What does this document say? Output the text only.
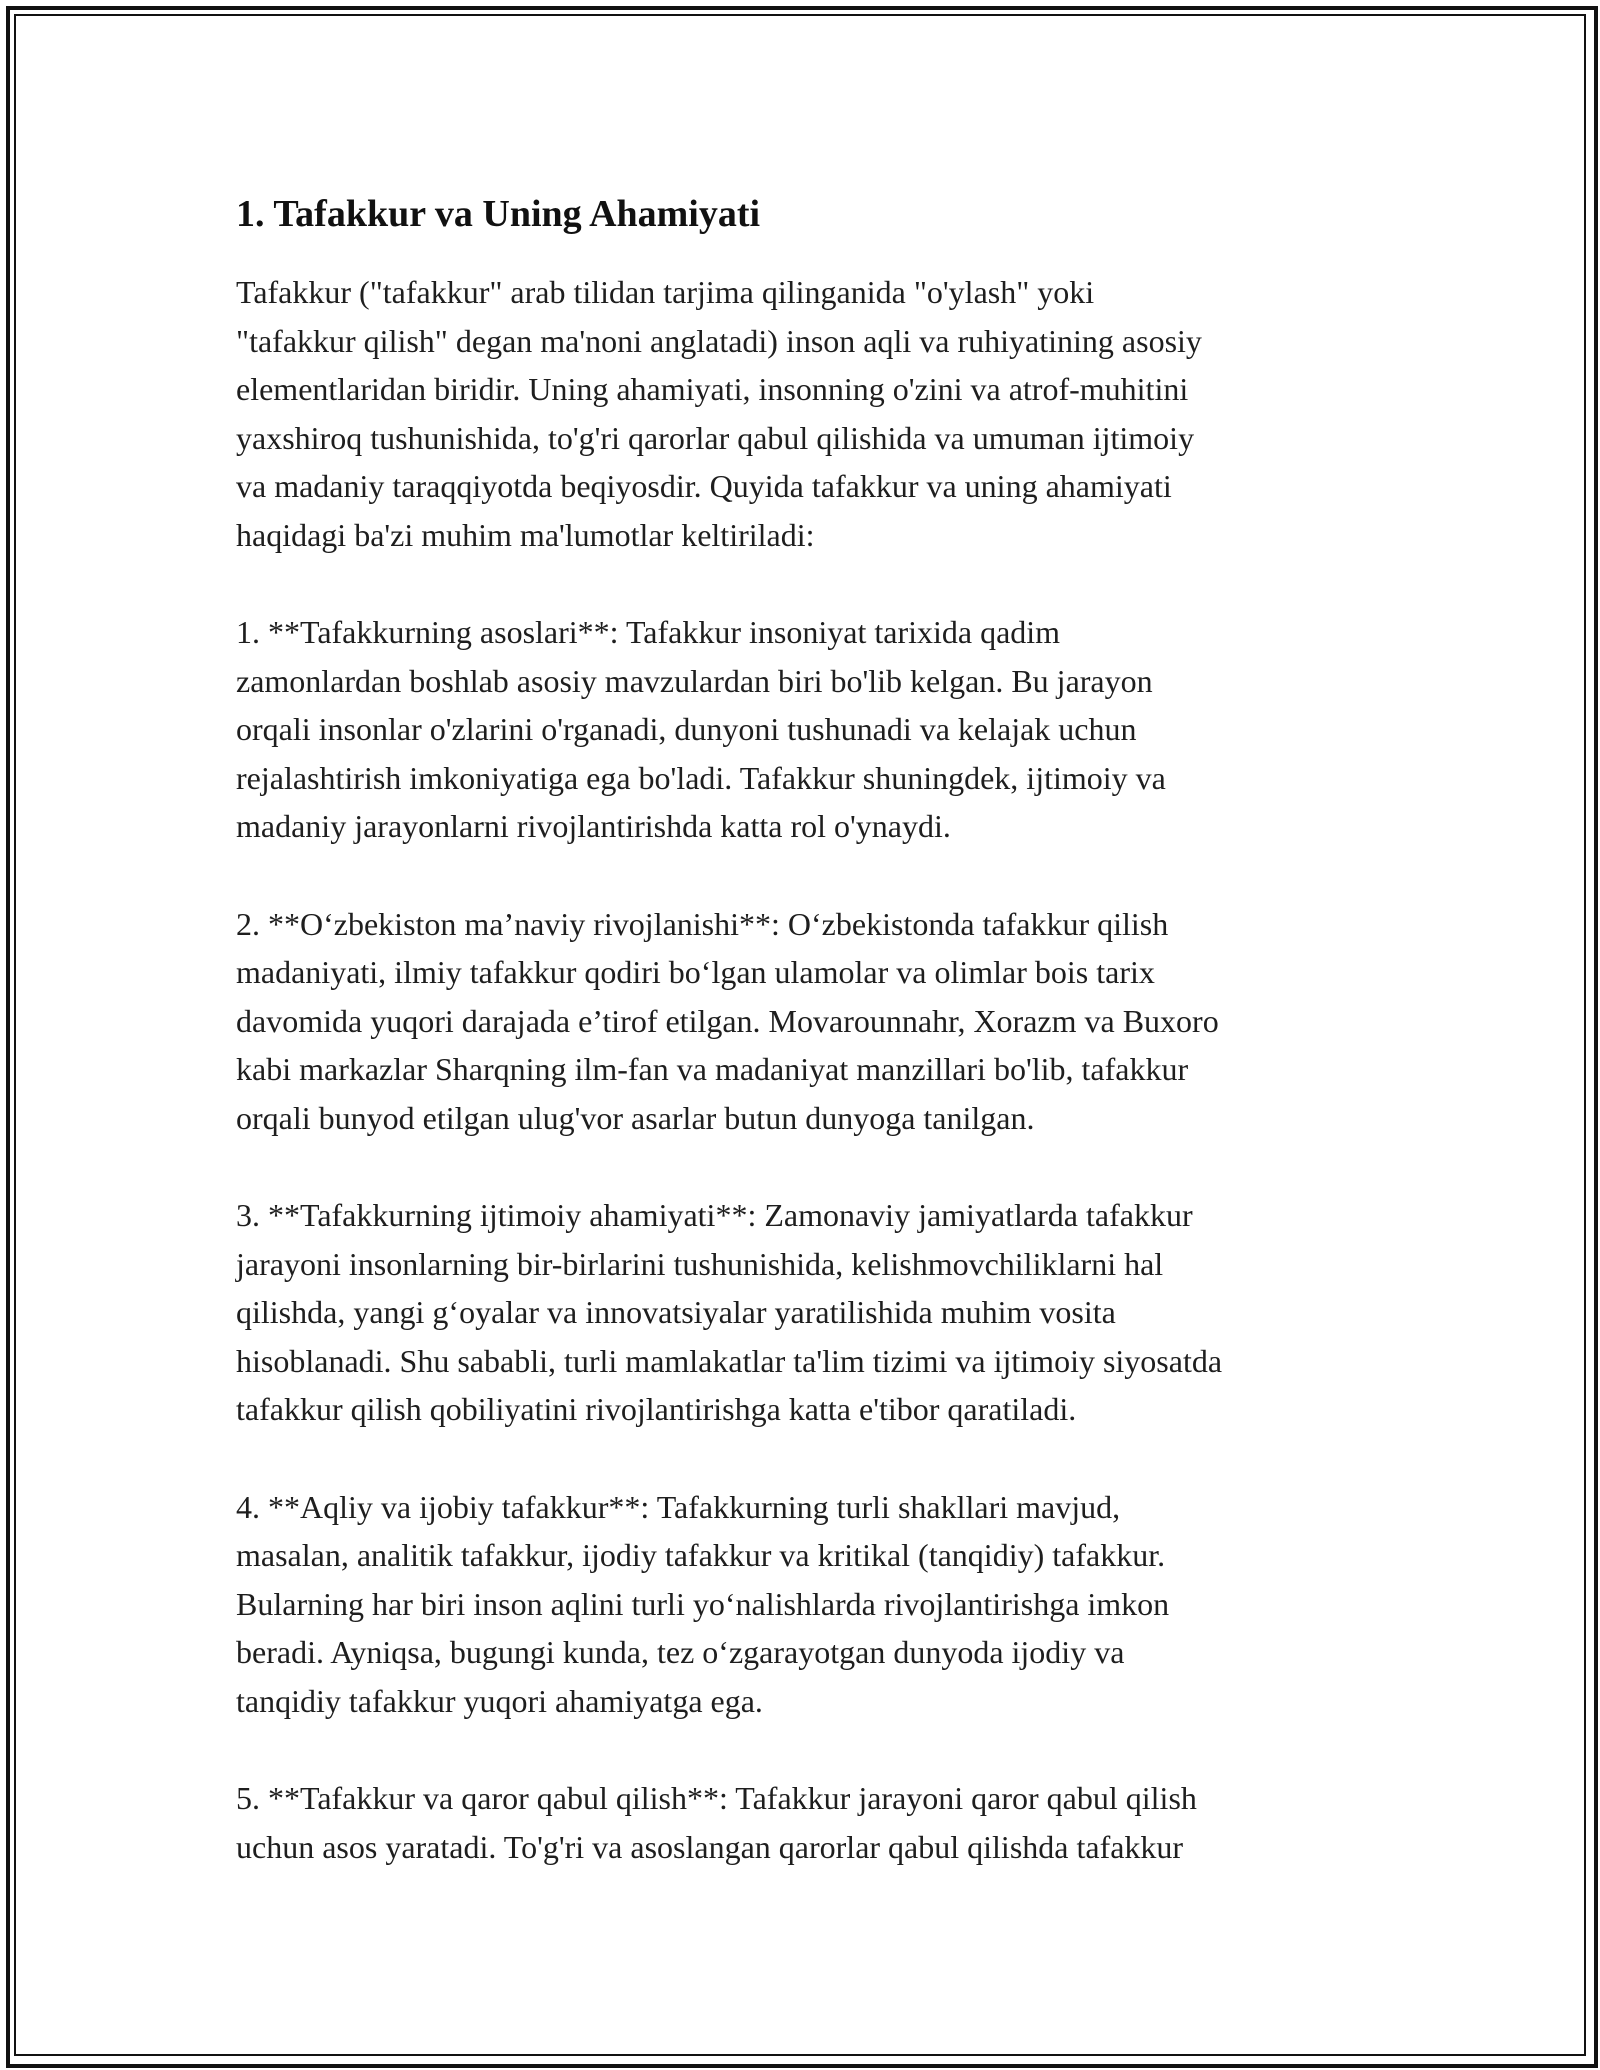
1. Tafakkur va Uning Ahamiyati

Tafakkur ("tafakkur" arab tilidan tarjima qilinganida "o'ylash" yoki
"tafakkur qilish" degan ma'noni anglatadi) inson aqli va ruhiyatining asosiy
elementlaridan biridir. Uning ahamiyati, insonning o'zini va atrof-muhitini
yaxshiroq tushunishida, to'g'ri qarorlar qabul qilishida va umuman ijtimoiy
va madaniy taraqqiyotda beqiyosdir. Quyida tafakkur va uning ahamiyati
haqidagi ba'zi muhim ma'lumotlar keltiriladi:

1. **Tafakkurning asoslari**: Tafakkur insoniyat tarixida qadim
zamonlardan boshlab asosiy mavzulardan biri bo'lib kelgan. Bu jarayon
orqali insonlar o'zlarini o'rganadi, dunyoni tushunadi va kelajak uchun
rejalashtirish imkoniyatiga ega bo'ladi. Tafakkur shuningdek, ijtimoiy va
madaniy jarayonlarni rivojlantirishda katta rol o'ynaydi.

2. **O‘zbekiston ma’naviy rivojlanishi**: O‘zbekistonda tafakkur qilish
madaniyati, ilmiy tafakkur qodiri bo‘lgan ulamolar va olimlar bois tarix
davomida yuqori darajada e’tirof etilgan. Movarounnahr, Xorazm va Buxoro
kabi markazlar Sharqning ilm-fan va madaniyat manzillari bo'lib, tafakkur
orqali bunyod etilgan ulug'vor asarlar butun dunyoga tanilgan.

3. **Tafakkurning ijtimoiy ahamiyati**: Zamonaviy jamiyatlarda tafakkur
jarayoni insonlarning bir-birlarini tushunishida, kelishmovchiliklarni hal
qilishda, yangi g‘oyalar va innovatsiyalar yaratilishida muhim vosita
hisoblanadi. Shu sababli, turli mamlakatlar ta'lim tizimi va ijtimoiy siyosatda
tafakkur qilish qobiliyatini rivojlantirishga katta e'tibor qaratiladi.

4. **Aqliy va ijobiy tafakkur**: Tafakkurning turli shakllari mavjud,
masalan, analitik tafakkur, ijodiy tafakkur va kritikal (tanqidiy) tafakkur.
Bularning har biri inson aqlini turli yo‘nalishlarda rivojlantirishga imkon
beradi. Ayniqsa, bugungi kunda, tez o‘zgarayotgan dunyoda ijodiy va
tanqidiy tafakkur yuqori ahamiyatga ega.

5. **Tafakkur va qaror qabul qilish**: Tafakkur jarayoni qaror qabul qilish
uchun asos yaratadi. To'g'ri va asoslangan qarorlar qabul qilishda tafakkur
